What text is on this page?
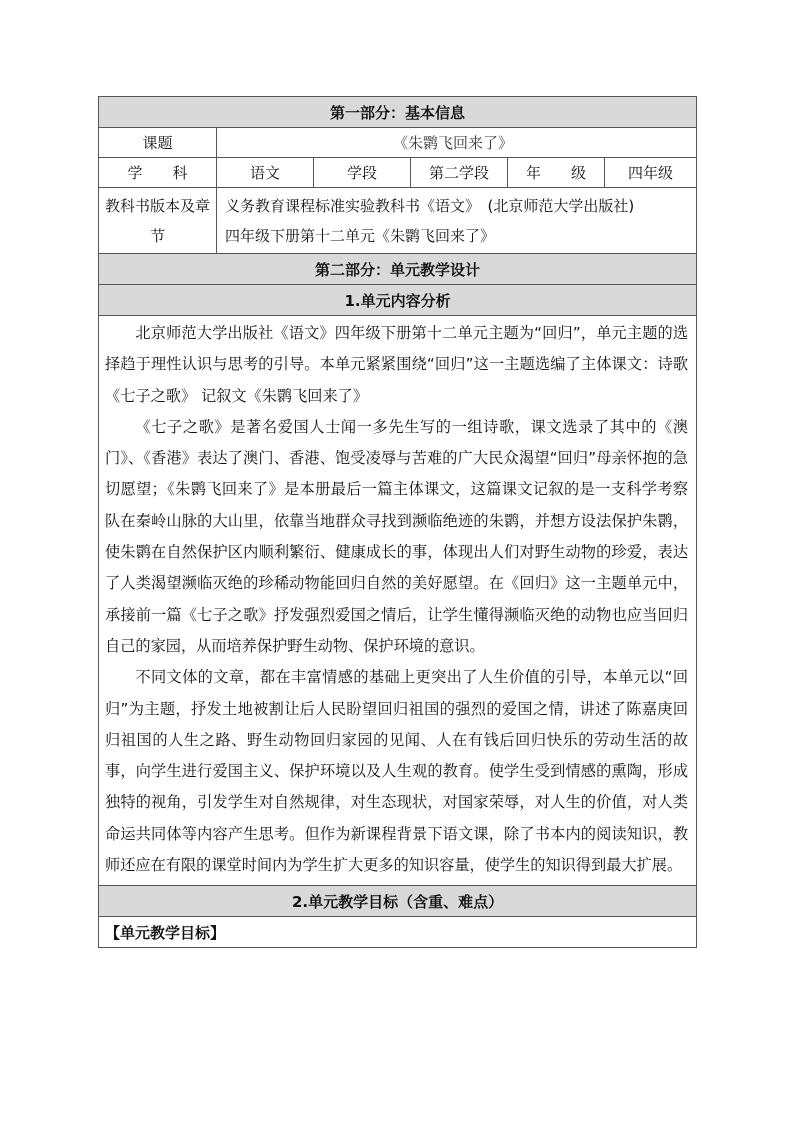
第一部分：基本信息					
课题	《朱鹮飞回来了》				
学　　科	语文	学段	第二学段	年　　级	四年级
教科书版本及章节	义务教育课程标准实验教科书《语文》　(北京师范大学出版社)
四年级下册第十二单元《朱鹮飞回来了》				

第二部分：单元教学设计					
1.单元内容分析					

北京师范大学出版社《语文》四年级下册第十二单元主题为“回归”，单元主题的选择趋于理性认识与思考的引导。本单元紧紧围绕“回归”这一主题选编了主体课文：诗歌《七子之歌》 记叙文《朱鹮飞回来了》

《七子之歌》是著名爱国人士闻一多先生写的一组诗歌，课文选录了其中的《澳门》、《香港》表达了澳门、香港、饱受凌辱与苦难的广大民众渴望“回归”母亲怀抱的急切愿望；《朱鹮飞回来了》是本册最后一篇主体课文，这篇课文记叙的是一支科学考察队在秦岭山脉的大山里，依靠当地群众寻找到濒临绝迹的朱鹮，并想方设法保护朱鹮，使朱鹮在自然保护区内顺利繁衍、健康成长的事，体现出人们对野生动物的珍爱，表达了人类渴望濒临灭绝的珍稀动物能回归自然的美好愿望。在《回归》这一主题单元中，承接前一篇《七子之歌》抒发强烈爱国之情后，让学生懂得濒临灭绝的动物也应当回归自己的家园，从而培养保护野生动物、保护环境的意识。

不同文体的文章，都在丰富情感的基础上更突出了人生价值的引导，本单元以“回归”为主题，抒发土地被割让后人民盼望回归祖国的强烈的爱国之情，讲述了陈嘉庚回归祖国的人生之路、野生动物回归家园的见闻、人在有钱后回归快乐的劳动生活的故事，向学生进行爱国主义、保护环境以及人生观的教育。使学生受到情感的熏陶，形成独特的视角，引发学生对自然规律，对生态现状，对国家荣辱，对人生的价值，对人类命运共同体等内容产生思考。但作为新课程背景下语文课，除了书本内的阅读知识，教师还应在有限的课堂时间内为学生扩大更多的知识容量，使学生的知识得到最大扩展。					

2.单元教学目标（含重、难点）					
【单元教学目标】					
